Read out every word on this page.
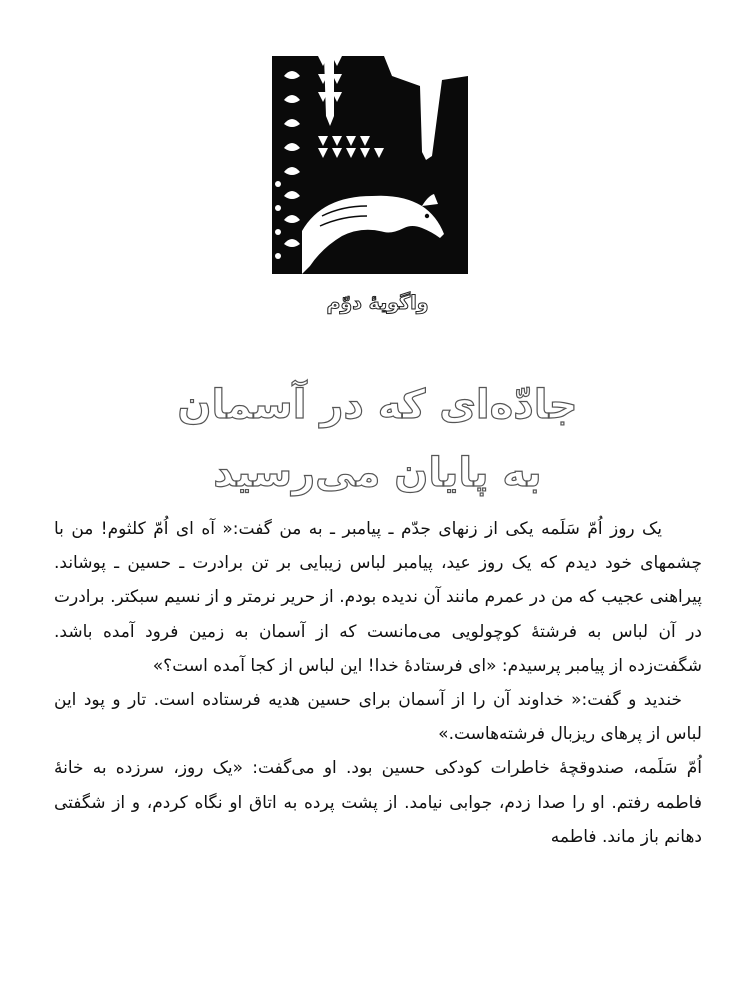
واگویهٔ دوّم
جادّه‌ای که در آسمان
به پایان می‌رسید

یک روز اُمّ سَلَمه یکی از زنهای جدّم ـ پیامبر ـ به من گفت:« آه ای اُمّ کلثوم! من با چشمهای خود دیدم که یک روز عید، پیامبر لباس زیبایی بر تن برادرت ـ حسین ـ پوشاند. پیراهنی عجیب که من در عمرم مانند آن ندیده بودم. از حریر نرمتر و از نسیم سبکتر. برادرت در آن لباس به فرشتهٔ کوچولویی می‌مانست که از آسمان به زمین فرود آمده باشد. شگفت‌زده از پیامبر پرسیدم: «ای فرستادهٔ خدا! این لباس از کجا آمده است؟»

خندید و گفت:« خداوند آن را از آسمان برای حسین هدیه فرستاده است. تار و پود این لباس از پرهای ریزبال فرشته‌هاست.»

اُمّ سَلَمه، صندوقچهٔ خاطرات کودکی حسین بود. او می‌گفت: «یک روز، سرزده به خانهٔ فاطمه رفتم. او را صدا زدم، جوابی نیامد. از پشت پرده به اتاق او نگاه کردم، و از شگفتی دهانم باز ماند. فاطمه
